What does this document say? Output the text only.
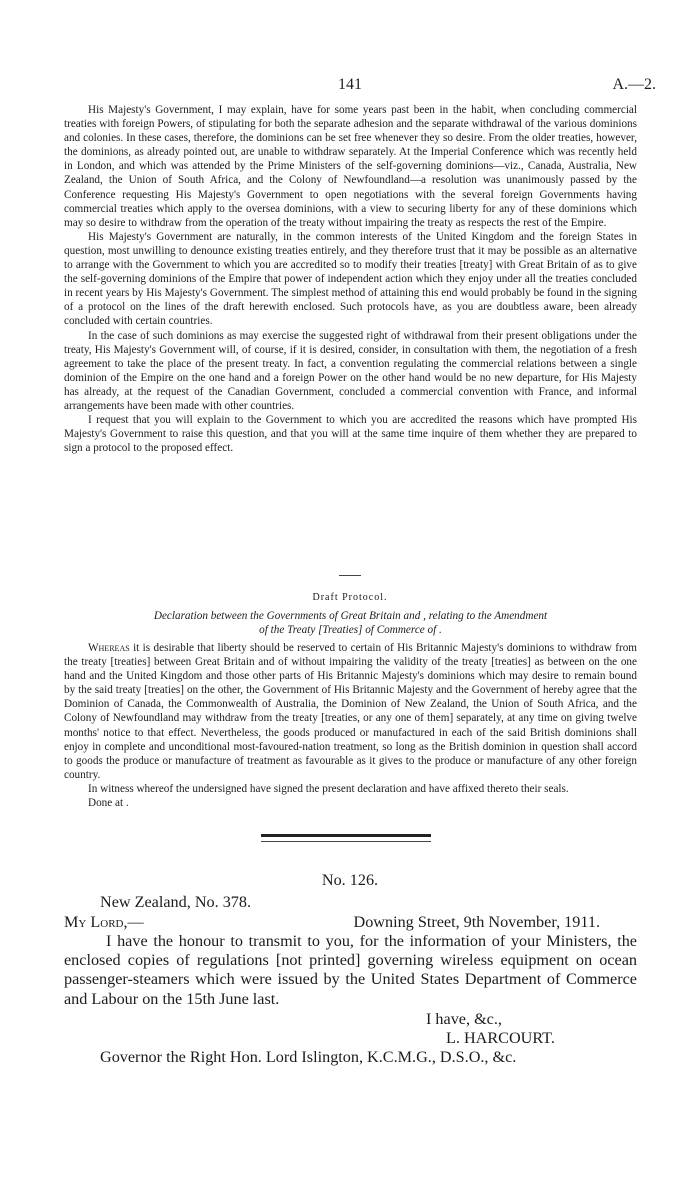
141	A.—2.

His Majesty's Government, I may explain, have for some years past been in the habit, when concluding commercial treaties with foreign Powers, of stipulating for both the separate adhesion and the separate withdrawal of the various dominions and colonies. In these cases, therefore, the dominions can be set free whenever they so desire. From the older treaties, however, the dominions, as already pointed out, are unable to withdraw separately. At the Imperial Conference which was recently held in London, and which was attended by the Prime Ministers of the self-governing dominions—viz., Canada, Australia, New Zealand, the Union of South Africa, and the Colony of Newfoundland—a resolution was unanimously passed by the Conference requesting His Majesty's Government to open negotiations with the several foreign Governments having commercial treaties which apply to the oversea dominions, with a view to securing liberty for any of these dominions which may so desire to withdraw from the operation of the treaty without impairing the treaty as respects the rest of the Empire.

His Majesty's Government are naturally, in the common interests of the United Kingdom and the foreign States in question, most unwilling to denounce existing treaties entirely, and they therefore trust that it may be possible as an alternative to arrange with the Government to which you are accredited so to modify their treaties [treaty] with Great Britain of as to give the self-governing dominions of the Empire that power of independent action which they enjoy under all the treaties concluded in recent years by His Majesty's Government. The simplest method of attaining this end would probably be found in the signing of a protocol on the lines of the draft herewith enclosed. Such protocols have, as you are doubtless aware, been already concluded with certain countries.

In the case of such dominions as may exercise the suggested right of withdrawal from their present obligations under the treaty, His Majesty's Government will, of course, if it is desired, consider, in consultation with them, the negotiation of a fresh agreement to take the place of the present treaty. In fact, a convention regulating the commercial relations between a single dominion of the Empire on the one hand and a foreign Power on the other hand would be no new departure, for His Majesty has already, at the request of the Canadian Government, concluded a commercial convention with France, and informal arrangements have been made with other countries.

I request that you will explain to the Government to which you are accredited the reasons which have prompted His Majesty's Government to raise this question, and that you will at the same time inquire of them whether they are prepared to sign a protocol to the proposed effect.

Draft Protocol.
Declaration between the Governments of Great Britain and , relating to the Amendment
of the Treaty [Treaties] of Commerce of .

Whereas it is desirable that liberty should be reserved to certain of His Britannic Majesty's dominions to withdraw from the treaty [treaties] between Great Britain and of without impairing the validity of the treaty [treaties] as between on the one hand and the United Kingdom and those other parts of His Britannic Majesty's dominions which may desire to remain bound by the said treaty [treaties] on the other, the Government of His Britannic Majesty and the Government of hereby agree that the Dominion of Canada, the Commonwealth of Australia, the Dominion of New Zealand, the Union of South Africa, and the Colony of Newfoundland may withdraw from the treaty [treaties, or any one of them] separately, at any time on giving twelve months' notice to that effect. Nevertheless, the goods produced or manufactured in each of the said British dominions shall enjoy in complete and unconditional most-favoured-nation treatment, so long as the British dominion in question shall accord to goods the produce or manufacture of treatment as favourable as it gives to the produce or manufacture of any other foreign country.

In witness whereof the undersigned have signed the present declaration and have affixed thereto their seals.

Done at .

No. 126.
New Zealand, No. 378.
My Lord,—	Downing Street, 9th November, 1911.

I have the honour to transmit to you, for the information of your Ministers, the enclosed copies of regulations [not printed] governing wireless equipment on ocean passenger-steamers which were issued by the United States Department of Commerce and Labour on the 15th June last.

I have, &c.,
L. HARCOURT.
Governor the Right Hon. Lord Islington, K.C.M.G., D.S.O., &c.
